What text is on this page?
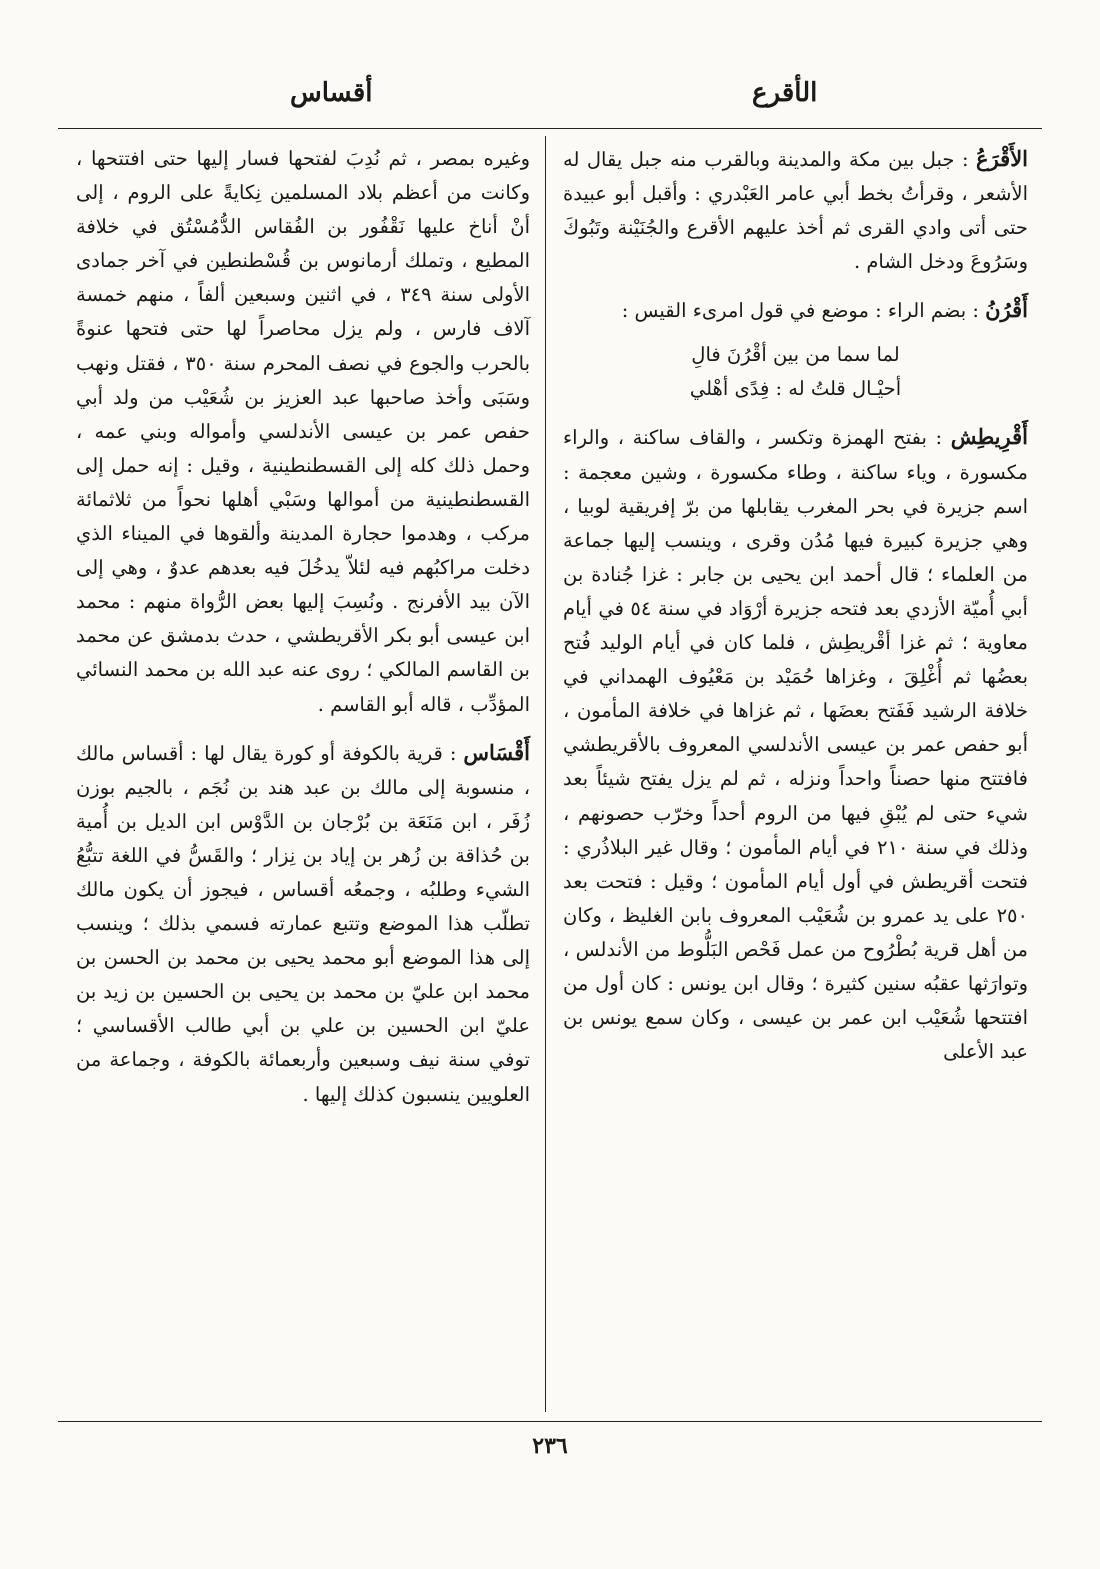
الأقرع
أقساس

الأَقْرَعُ : جبل بين مكة والمدينة وبالقرب منه جبل يقال له الأشعر ، وقرأتُ بخط أبي عامر العَبْدري : وأقبل أبو عبيدة حتى أتى وادي القرى ثم أخذ عليهم الأقرع والجُنَيْنة وتَبُوكَ وسَرُوعَ ودخل الشام .

أَقْرُنُ : بضم الراء : موضع في قول امرىء القيس :
لما سما من بين أقْرُنَ فالِ
أحيْـال قلتُ له : فِدًى أهْلي

أَقْرِيطِش : بفتح الهمزة وتكسر ، والقاف ساكنة ، والراء مكسورة ، وياء ساكنة ، وطاء مكسورة ، وشين معجمة : اسم جزيرة في بحر المغرب يقابلها من برّ إفريقية لوبيا ، وهي جزيرة كبيرة فيها مُدُن وقرى ، وينسب إليها جماعة من العلماء ؛ قال أحمد ابن يحيى بن جابر : غزا جُنادة بن أبي أُميّة الأزدي بعد فتحه جزيرة أرْوَاد في سنة ٥٤ في أيام معاوية ؛ ثم غزا أقْريطِش ، فلما كان في أيام الوليد فُتح بعضُها ثم أُغْلِقَ ، وغزاها حُمَيْد بن مَعْيُوف الهمداني في خلافة الرشيد فَفَتح بعضَها ، ثم غزاها في خلافة المأمون ، أبو حفص عمر بن عيسى الأندلسي المعروف بالأقريطشي فافتتح منها حصناً واحداً ونزله ، ثم لم يزل يفتح شيئاً بعد شيء حتى لم يُبْقِ فيها من الروم أحداً وخرّب حصونهم ، وذلك في سنة ٢١٠ في أيام المأمون ؛ وقال غير البلاذُري : فتحت أقريطش في أول أيام المأمون ؛ وقيل : فتحت بعد ٢٥٠ على يد عمرو بن شُعَيْب المعروف بابن الغليظ ، وكان من أهل قرية بُطْرُوح من عمل فَحْص البَلُّوط من الأندلس ، وتوارَثها عقبُه سنين كثيرة ؛ وقال ابن يونس : كان أول من افتتحها شُعَيْب ابن عمر بن عيسى ، وكان سمع يونس بن عبد الأعلى

وغيره بمصر ، ثم نُدِبَ لفتحها فسار إليها حتى افتتحها ، وكانت من أعظم بلاد المسلمين نِكايةً على الروم ، إلى أنْ أناخ عليها نَقْفُور بن الفُقاس الدُّمُسْتُق في خلافة المطيع ، وتملك أرمانوس بن قُسْطنطين في آخر جمادى الأولى سنة ٣٤٩ ، في اثنين وسبعين ألفاً ، منهم خمسة آلاف فارس ، ولم يزل محاصراً لها حتى فتحها عنوةً بالحرب والجوع في نصف المحرم سنة ٣٥٠ ، فقتل ونهب وسَبَى وأخذ صاحبها عبد العزيز بن شُعَيْب من ولد أبي حفص عمر بن عيسى الأندلسي وأمواله وبني عمه ، وحمل ذلك كله إلى القسطنطينية ، وقيل : إنه حمل إلى القسطنطينية من أموالها وسَبْي أهلها نحواً من ثلاثمائة مركب ، وهدموا حجارة المدينة وألقوها في الميناء الذي دخلت مراكبُهم فيه لئلاّ يدخُلَ فيه بعدهم عدوٌ ، وهي إلى الآن بيد الأفرنج . ونُسِبَ إليها بعض الرُّواة منهم : محمد ابن عيسى أبو بكر الأقريطشي ، حدث بدمشق عن محمد بن القاسم المالكي ؛ روى عنه عبد الله بن محمد النسائي المؤدِّب ، قاله أبو القاسم .

أَقْسَاس : قرية بالكوفة أو كورة يقال لها : أقساس مالك ، منسوبة إلى مالك بن عبد هند بن نُجَم ، بالجيم بوزن زُفَر ، ابن مَنَعَة بن بُرْجان بن الدَّوْس ابن الديل بن أُمية بن حُذاقة بن زُهر بن إياد بن نِزار ؛ والقَسُّ في اللغة تتبُّعُ الشيء وطلبُه ، وجمعُه أقساس ، فيجوز أن يكون مالك تطلّب هذا الموضع وتتبع عمارته فسمي بذلك ؛ وينسب إلى هذا الموضع أبو محمد يحيى بن محمد بن الحسن بن محمد ابن عليّ بن محمد بن يحيى بن الحسين بن زيد بن عليّ ابن الحسين بن علي بن أبي طالب الأقساسي ؛ توفي سنة نيف وسبعين وأربعمائة بالكوفة ، وجماعة من العلويين ينسبون كذلك إليها .

٢٣٦
